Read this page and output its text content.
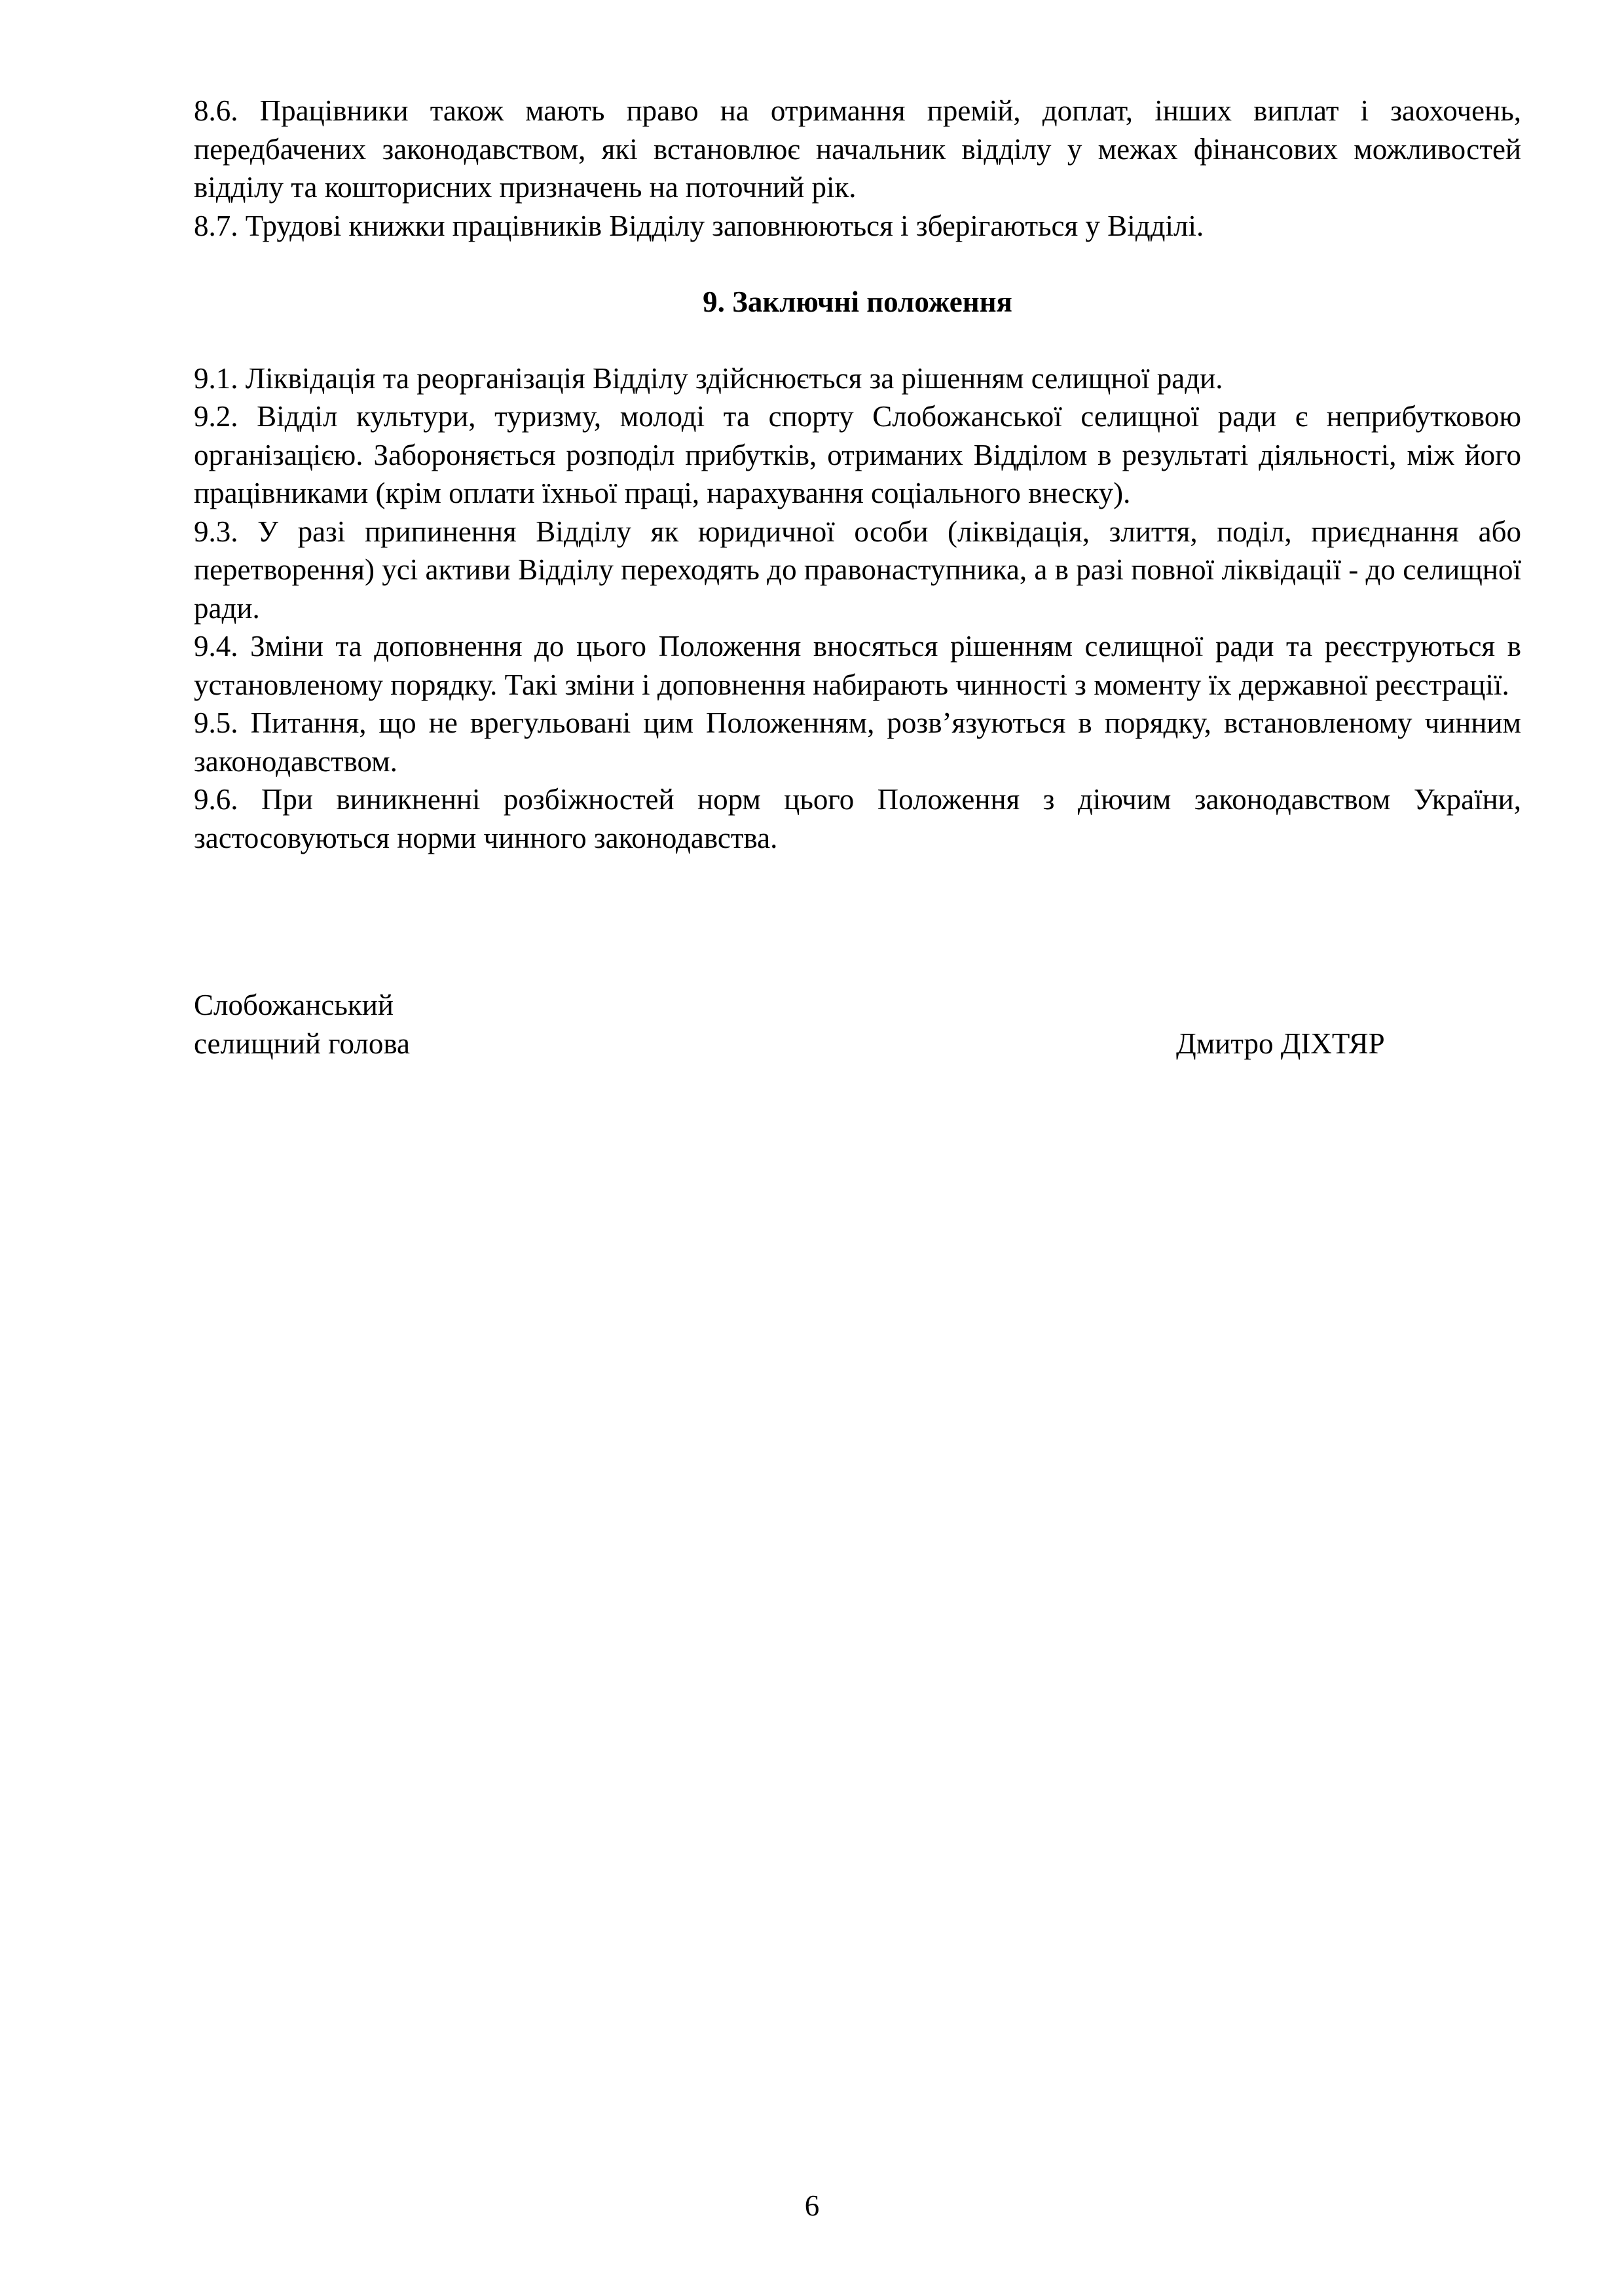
8.6. Працівники також мають право на отримання премій, доплат, інших виплат і заохочень, передбачених законодавством, які встановлює начальник відділу у межах фінансових можливостей відділу та кошторисних призначень на поточний рік.

8.7. Трудові книжки працівників Відділу заповнюються і зберігаються у Відділі.

9. Заключні положення

9.1. Ліквідація та реорганізація Відділу здійснюється за рішенням селищної ради.

9.2. Відділ культури, туризму, молоді та спорту Слобожанської селищної ради є неприбутковою організацією. Забороняється розподіл прибутків, отриманих Відділом в результаті діяльності, між його працівниками (крім оплати їхньої праці, нарахування соціального внеску).

9.3. У разі припинення Відділу як юридичної особи (ліквідація, злиття, поділ, приєднання або перетворення) усі активи Відділу переходять до правонаступника, а в разі повної ліквідації - до селищної ради.

9.4. Зміни та доповнення до цього Положення вносяться рішенням селищної ради та реєструються в установленому порядку. Такі зміни і доповнення набирають чинності з моменту їх державної реєстрації.

9.5. Питання, що не врегульовані цим Положенням, розв’язуються в порядку, встановленому чинним законодавством.

9.6. При виникненні розбіжностей норм цього Положення з діючим законодавством України, застосовуються норми чинного законодавства.

Слобожанський
селищний голова	Дмитро ДІХТЯР
6
